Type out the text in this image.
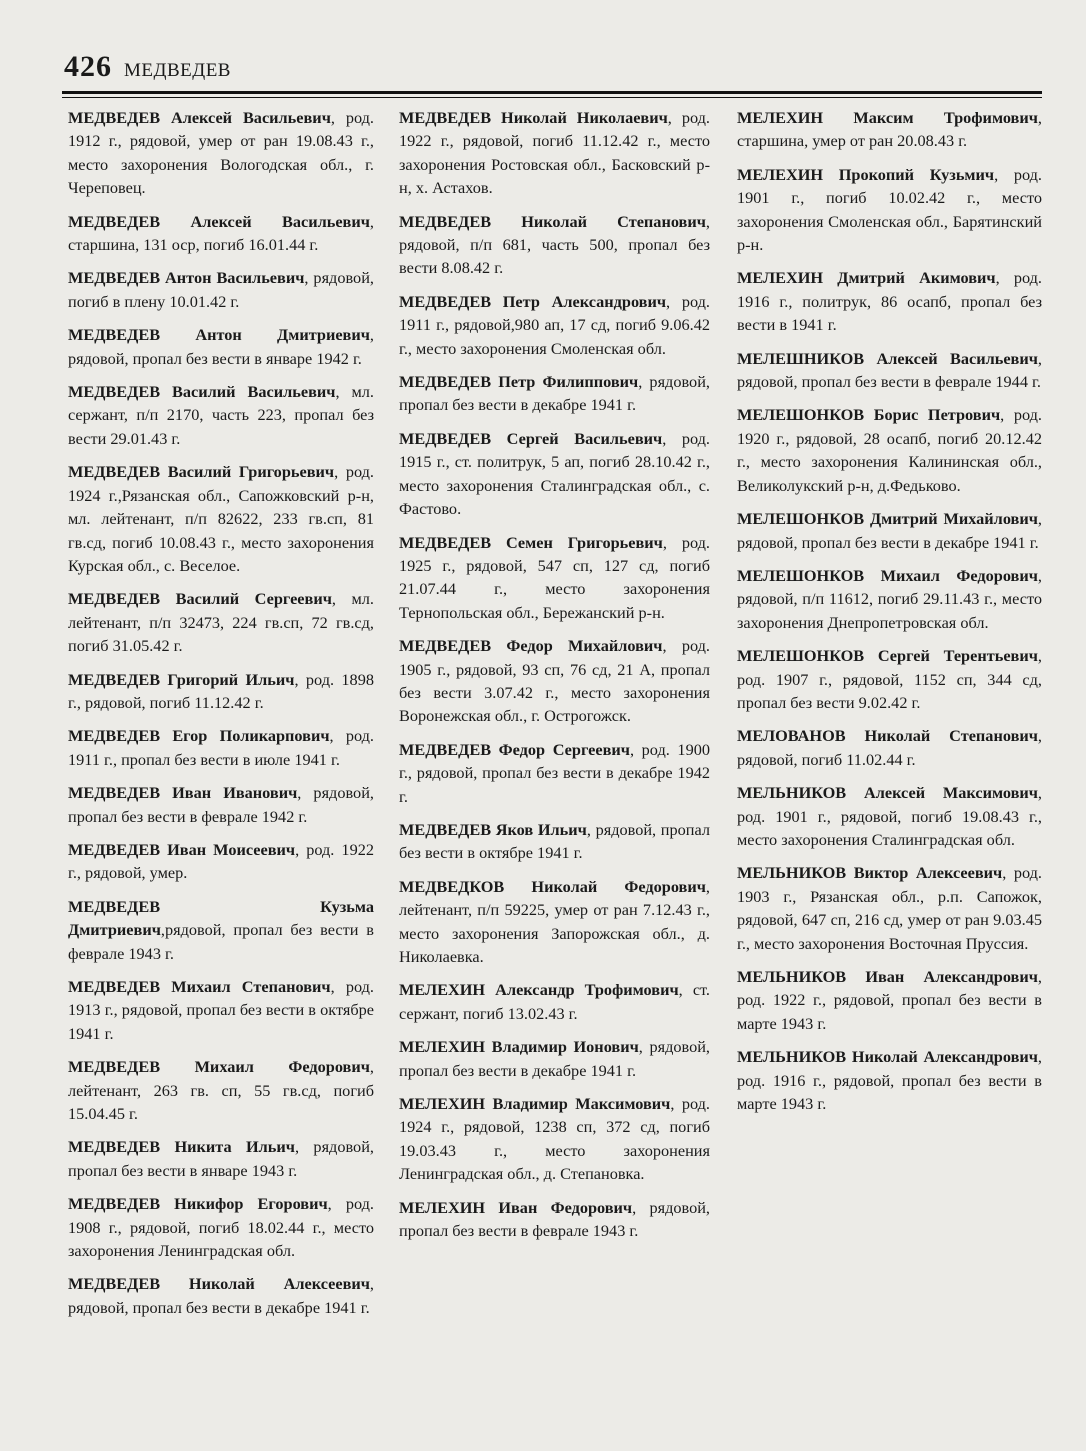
426 МЕДВЕДЕВ

МЕДВЕДЕВ Алексей Васильевич, род. 1912 г., рядовой, умер от ран 19.08.43 г., место захоронения Вологодская обл., г. Череповец.

МЕДВЕДЕВ Алексей Васильевич, старшина, 131 оср, погиб 16.01.44 г.

МЕДВЕДЕВ Антон Васильевич, рядовой, погиб в плену 10.01.42 г.

МЕДВЕДЕВ Антон Дмитриевич, рядовой, пропал без вести в январе 1942 г.

МЕДВЕДЕВ Василий Васильевич, мл. сержант, п/п 2170, часть 223, пропал без вести 29.01.43 г.

МЕДВЕДЕВ Василий Григорьевич, род. 1924 г.,Рязанская обл., Сапожковский р-н, мл. лейтенант, п/п 82622, 233 гв.сп, 81 гв.сд, погиб 10.08.43 г., место захоронения Курская обл., с. Веселое.

МЕДВЕДЕВ Василий Сергеевич, мл. лейтенант, п/п 32473, 224 гв.сп, 72 гв.сд, погиб 31.05.42 г.

МЕДВЕДЕВ Григорий Ильич, род. 1898 г., рядовой, погиб 11.12.42 г.

МЕДВЕДЕВ Егор Поликарпович, род. 1911 г., пропал без вести в июле 1941 г.

МЕДВЕДЕВ Иван Иванович, рядовой, пропал без вести в феврале 1942 г.

МЕДВЕДЕВ Иван Моисеевич, род. 1922 г., рядовой, умер.

МЕДВЕДЕВ Кузьма Дмитриевич,рядовой, пропал без вести в феврале 1943 г.

МЕДВЕДЕВ Михаил Степанович, род. 1913 г., рядовой, пропал без вести в октябре 1941 г.

МЕДВЕДЕВ Михаил Федорович, лейтенант, 263 гв. сп, 55 гв.сд, погиб 15.04.45 г.

МЕДВЕДЕВ Никита Ильич, рядовой, пропал без вести в январе 1943 г.

МЕДВЕДЕВ Никифор Егорович, род. 1908 г., рядовой, погиб 18.02.44 г., место захоронения Ленинградская обл.

МЕДВЕДЕВ Николай Алексеевич, рядовой, пропал без вести в декабре 1941 г.

МЕДВЕДЕВ Николай Николаевич, род. 1922 г., рядовой, погиб 11.12.42 г., место захоронения Ростовская обл., Басковский р-н, х. Астахов.

МЕДВЕДЕВ Николай Степанович, рядовой, п/п 681, часть 500, пропал без вести 8.08.42 г.

МЕДВЕДЕВ Петр Александрович, род. 1911 г., рядовой,980 ап, 17 сд, погиб 9.06.42 г., место захоронения Смоленская обл.

МЕДВЕДЕВ Петр Филиппович, рядовой, пропал без вести в декабре 1941 г.

МЕДВЕДЕВ Сергей Васильевич, род. 1915 г., ст. политрук, 5 ап, погиб 28.10.42 г., место захоронения Сталинградская обл., с. Фастово.

МЕДВЕДЕВ Семен Григорьевич, род. 1925 г., рядовой, 547 сп, 127 сд, погиб 21.07.44 г., место захоронения Тернопольская обл., Бережанский р-н.

МЕДВЕДЕВ Федор Михайлович, род. 1905 г., рядовой, 93 сп, 76 сд, 21 А, пропал без вести 3.07.42 г., место захоронения Воронежская обл., г. Острогожск.

МЕДВЕДЕВ Федор Сергеевич, род. 1900 г., рядовой, пропал без вести в декабре 1942 г.

МЕДВЕДЕВ Яков Ильич, рядовой, пропал без вести в октябре 1941 г.

МЕДВЕДКОВ Николай Федорович, лейтенант, п/п 59225, умер от ран 7.12.43 г., место захоронения Запорожская обл., д. Николаевка.

МЕЛЕХИН Александр Трофимович, ст. сержант, погиб 13.02.43 г.

МЕЛЕХИН Владимир Ионович, рядовой, пропал без вести в декабре 1941 г.

МЕЛЕХИН Владимир Максимович, род. 1924 г., рядовой, 1238 сп, 372 сд, погиб 19.03.43 г., место захоронения Ленинградская обл., д. Степановка.

МЕЛЕХИН Иван Федорович, рядовой, пропал без вести в феврале 1943 г.

МЕЛЕХИН Максим Трофимович, старшина, умер от ран 20.08.43 г.

МЕЛЕХИН Прокопий Кузьмич, род. 1901 г., погиб 10.02.42 г., место захоронения Смоленская обл., Барятинский р-н.

МЕЛЕХИН Дмитрий Акимович, род. 1916 г., политрук, 86 осапб, пропал без вести в 1941 г.

МЕЛЕШНИКОВ Алексей Васильевич, рядовой, пропал без вести в феврале 1944 г.

МЕЛЕШОНКОВ Борис Петрович, род. 1920 г., рядовой, 28 осапб, погиб 20.12.42 г., место захоронения Калининская обл., Великолукский р-н, д.Федьково.

МЕЛЕШОНКОВ Дмитрий Михайлович, рядовой, пропал без вести в декабре 1941 г.

МЕЛЕШОНКОВ Михаил Федорович, рядовой, п/п 11612, погиб 29.11.43 г., место захоронения Днепропетровская обл.

МЕЛЕШОНКОВ Сергей Терентьевич, род. 1907 г., рядовой, 1152 сп, 344 сд, пропал без вести 9.02.42 г.

МЕЛОВАНОВ Николай Степанович, рядовой, погиб 11.02.44 г.

МЕЛЬНИКОВ Алексей Максимович, род. 1901 г., рядовой, погиб 19.08.43 г., место захоронения Сталинградская обл.

МЕЛЬНИКОВ Виктор Алексеевич, род. 1903 г., Рязанская обл., р.п. Сапожок, рядовой, 647 сп, 216 сд, умер от ран 9.03.45 г., место захоронения Восточная Пруссия.

МЕЛЬНИКОВ Иван Александрович, род. 1922 г., рядовой, пропал без вести в марте 1943 г.

МЕЛЬНИКОВ Николай Александрович, род. 1916 г., рядовой, пропал без вести в марте 1943 г.
